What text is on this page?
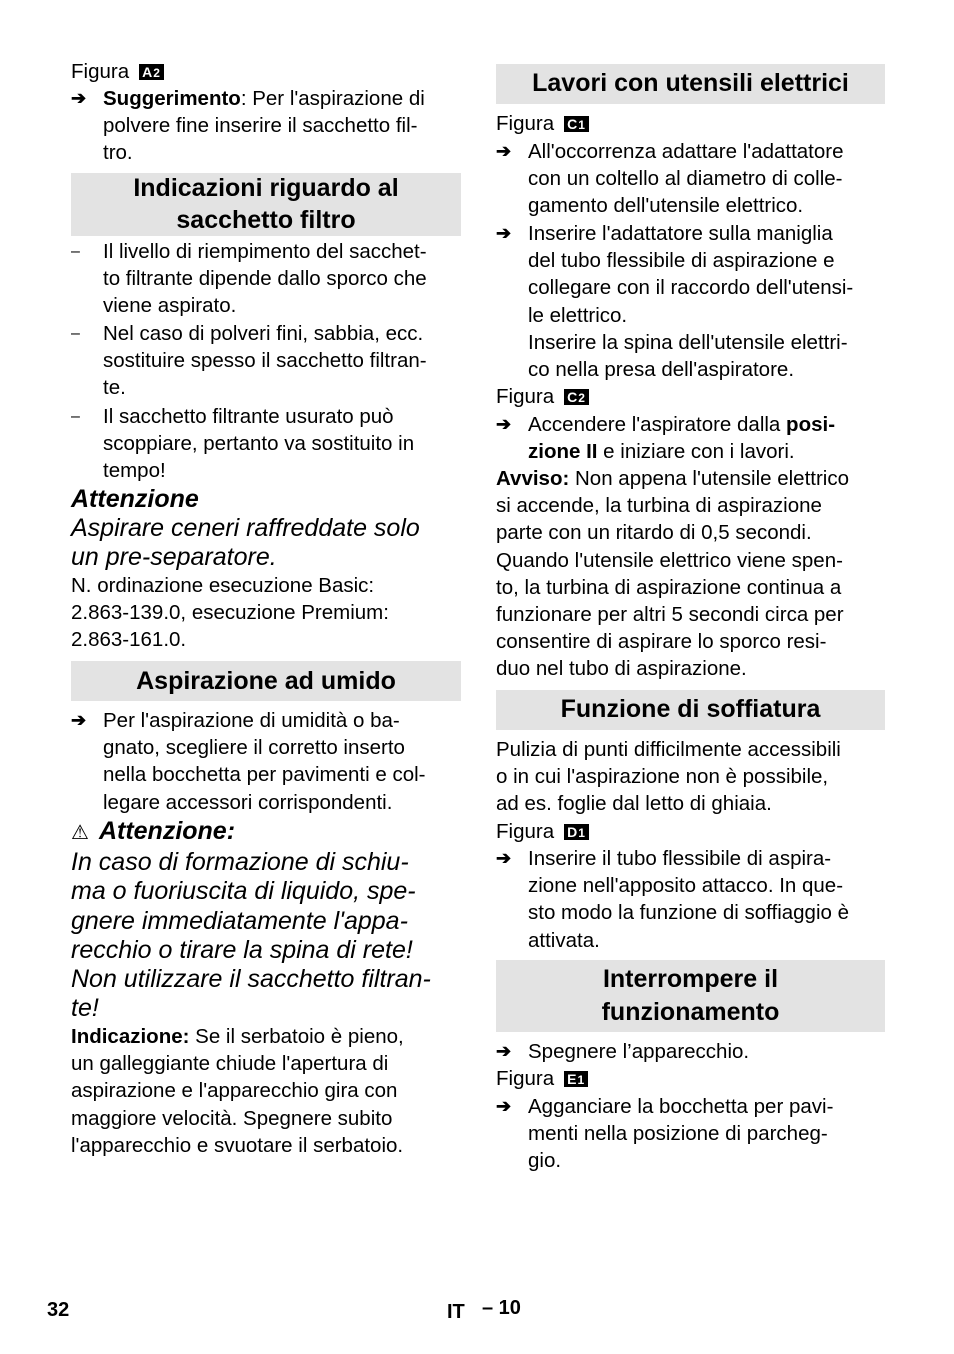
Figura A2
➔ Suggerimento: Per l'aspirazione di
polvere fine inserire il sacchetto fil-
tro.
Indicazioni riguardo al
sacchetto filtro
– Il livello di riempimento del sacchet-
to filtrante dipende dallo sporco che
viene aspirato.
– Nel caso di polveri fini, sabbia, ecc.
sostituire spesso il sacchetto filtran-
te.
– Il sacchetto filtrante usurato può
scoppiare, pertanto va sostituito in
tempo!
Attenzione
Aspirare ceneri raffreddate solo
un pre-separatore.
N. ordinazione esecuzione Basic:
2.863-139.0, esecuzione Premium:
2.863-161.0.
Aspirazione ad umido
➔ Per l'aspirazione di umidità o ba-
gnato, scegliere il corretto inserto
nella bocchetta per pavimenti e col-
legare accessori corrispondenti.
⚠ Attenzione:
In caso di formazione di schiu-
ma o fuoriuscita di liquido, spe-
gnere immediatamente l'appa-
recchio o tirare la spina di rete!
Non utilizzare il sacchetto filtran-
te!
Indicazione: Se il serbatoio è pieno,
un galleggiante chiude l'apertura di
aspirazione e l'apparecchio gira con
maggiore velocità. Spegnere subito
l'apparecchio e svuotare il serbatoio.
Lavori con utensili elettrici
Figura C1
➔ All'occorrenza adattare l'adattatore
con un coltello al diametro di colle-
gamento dell'utensile elettrico.
➔ Inserire l'adattatore sulla maniglia
del tubo flessibile di aspirazione e
collegare con il raccordo dell'utensi-
le elettrico.
Inserire la spina dell'utensile elettri-
co nella presa dell'aspiratore.
Figura C2
➔ Accendere l'aspiratore dalla posi-
zione II e iniziare con i lavori.
Avviso: Non appena l'utensile elettrico
si accende, la turbina di aspirazione
parte con un ritardo di 0,5 secondi.
Quando l'utensile elettrico viene spen-
to, la turbina di aspirazione continua a
funzionare per altri 5 secondi circa per
consentire di aspirare lo sporco resi-
duo nel tubo di aspirazione.
Funzione di soffiatura
Pulizia di punti difficilmente accessibili
o in cui l'aspirazione non è possibile,
ad es. foglie dal letto di ghiaia.
Figura D1
➔ Inserire il tubo flessibile di aspira-
zione nell'apposito attacco. In que-
sto modo la funzione di soffiaggio è
attivata.
Interrompere il
funzionamento
➔ Spegnere l’apparecchio.
Figura E1
➔ Agganciare la bocchetta per pavi-
menti nella posizione di parcheg-
gio.
32	IT – 10
